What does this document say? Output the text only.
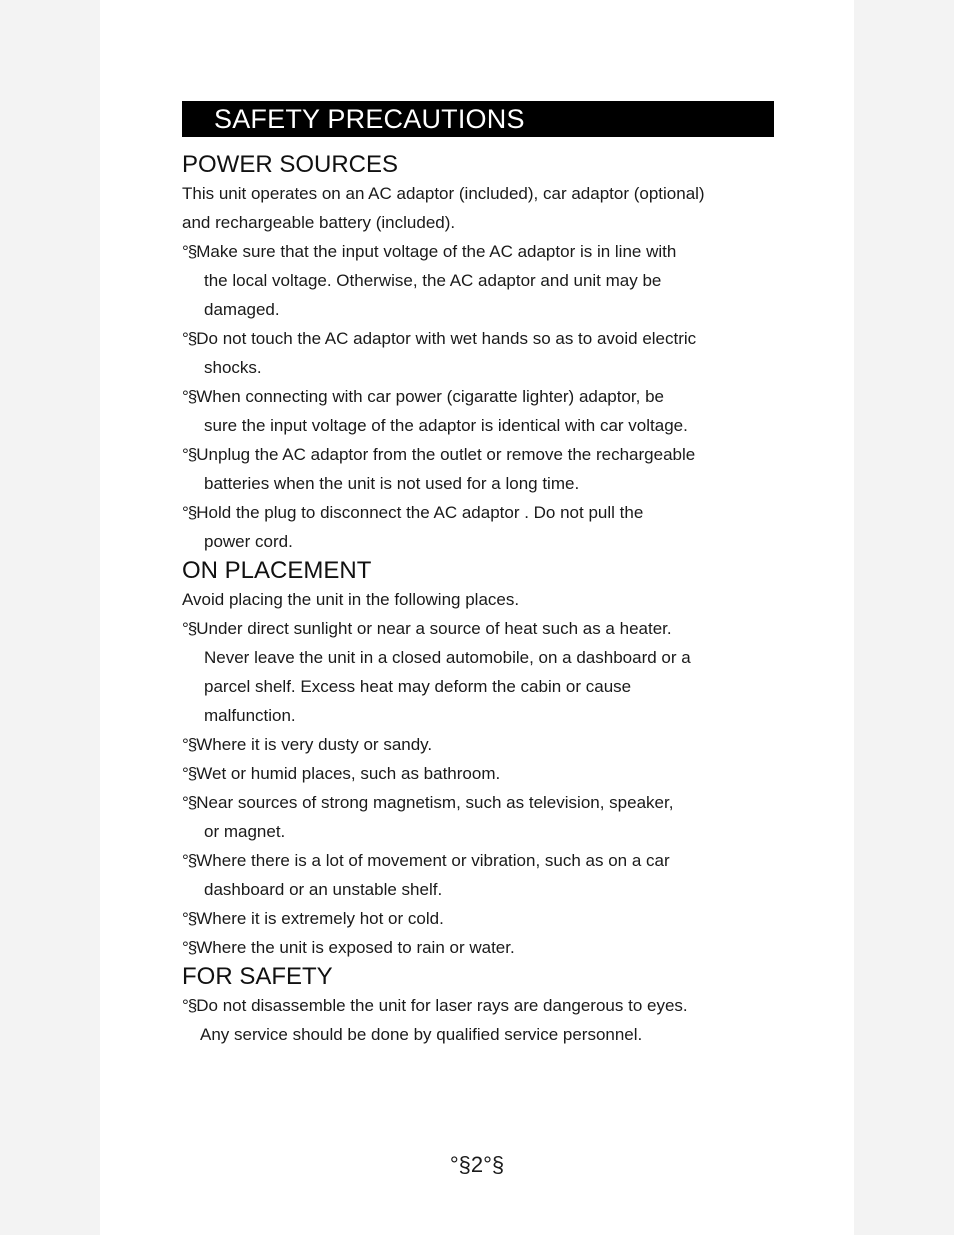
SAFETY PRECAUTIONS
POWER SOURCES

This unit operates on an AC adaptor (included), car adaptor (optional)
and rechargeable battery (included).

°§Make sure that the input voltage of the AC adaptor is in line with
the local voltage. Otherwise, the AC adaptor and unit may be
damaged.

°§Do not touch the AC adaptor with wet hands so as to avoid electric
shocks.

°§When connecting with car power (cigaratte lighter) adaptor, be
sure the input voltage of the adaptor is identical with car voltage.

°§Unplug the AC adaptor from the outlet or remove the rechargeable
batteries when the unit is not used for a long time.

°§Hold the plug to disconnect the AC adaptor . Do not pull the
power cord.

ON PLACEMENT

Avoid placing the unit in the following places.

°§Under direct sunlight or near a source of heat such as a heater.
Never leave the unit in a closed automobile, on a dashboard or a
parcel shelf. Excess heat may deform the cabin or cause
malfunction.

°§Where it is very dusty or sandy.

°§Wet or humid places, such as bathroom.

°§Near sources of strong magnetism, such as television, speaker,
or magnet.

°§Where there is a lot of movement or vibration, such as on a car
dashboard or an unstable shelf.

°§Where it is extremely hot or cold.

°§Where the unit is exposed to rain or water.

FOR SAFETY

°§Do not disassemble the unit for laser rays are dangerous to eyes.
Any service should be done by qualified service personnel.

°§2°§
